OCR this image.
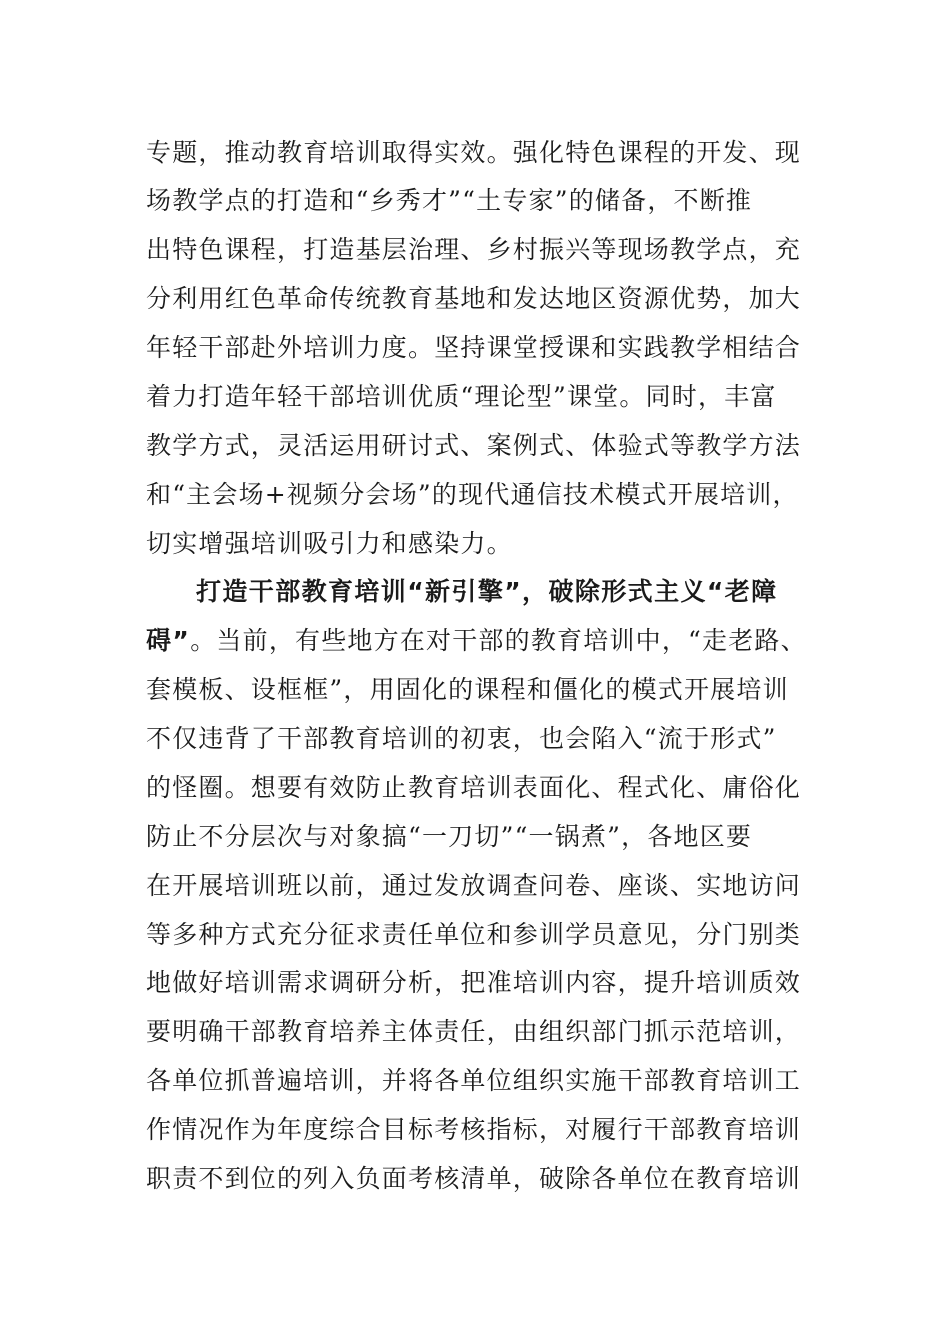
专题，推动教育培训取得实效。强化特色课程的开发、现
场教学点的打造和“乡秀才”“土专家”的储备，不断推
出特色课程，打造基层治理、乡村振兴等现场教学点，充
分利用红色革命传统教育基地和发达地区资源优势，加大
年轻干部赴外培训力度。坚持课堂授课和实践教学相结合
着力打造年轻干部培训优质“理论型”课堂。同时，丰富
教学方式，灵活运用研讨式、案例式、体验式等教学方法
和“主会场+视频分会场”的现代通信技术模式开展培训，
切实增强培训吸引力和感染力。
打造干部教育培训“新引擎”，破除形式主义“老障
碍”。当前，有些地方在对干部的教育培训中，“走老路、
套模板、设框框”，用固化的课程和僵化的模式开展培训
不仅违背了干部教育培训的初衷，也会陷入“流于形式”
的怪圈。想要有效防止教育培训表面化、程式化、庸俗化
防止不分层次与对象搞“一刀切”“一锅煮”，各地区要
在开展培训班以前，通过发放调查问卷、座谈、实地访问
等多种方式充分征求责任单位和参训学员意见，分门别类
地做好培训需求调研分析，把准培训内容，提升培训质效
要明确干部教育培养主体责任，由组织部门抓示范培训，
各单位抓普遍培训，并将各单位组织实施干部教育培训工
作情况作为年度综合目标考核指标，对履行干部教育培训
职责不到位的列入负面考核清单，破除各单位在教育培训
